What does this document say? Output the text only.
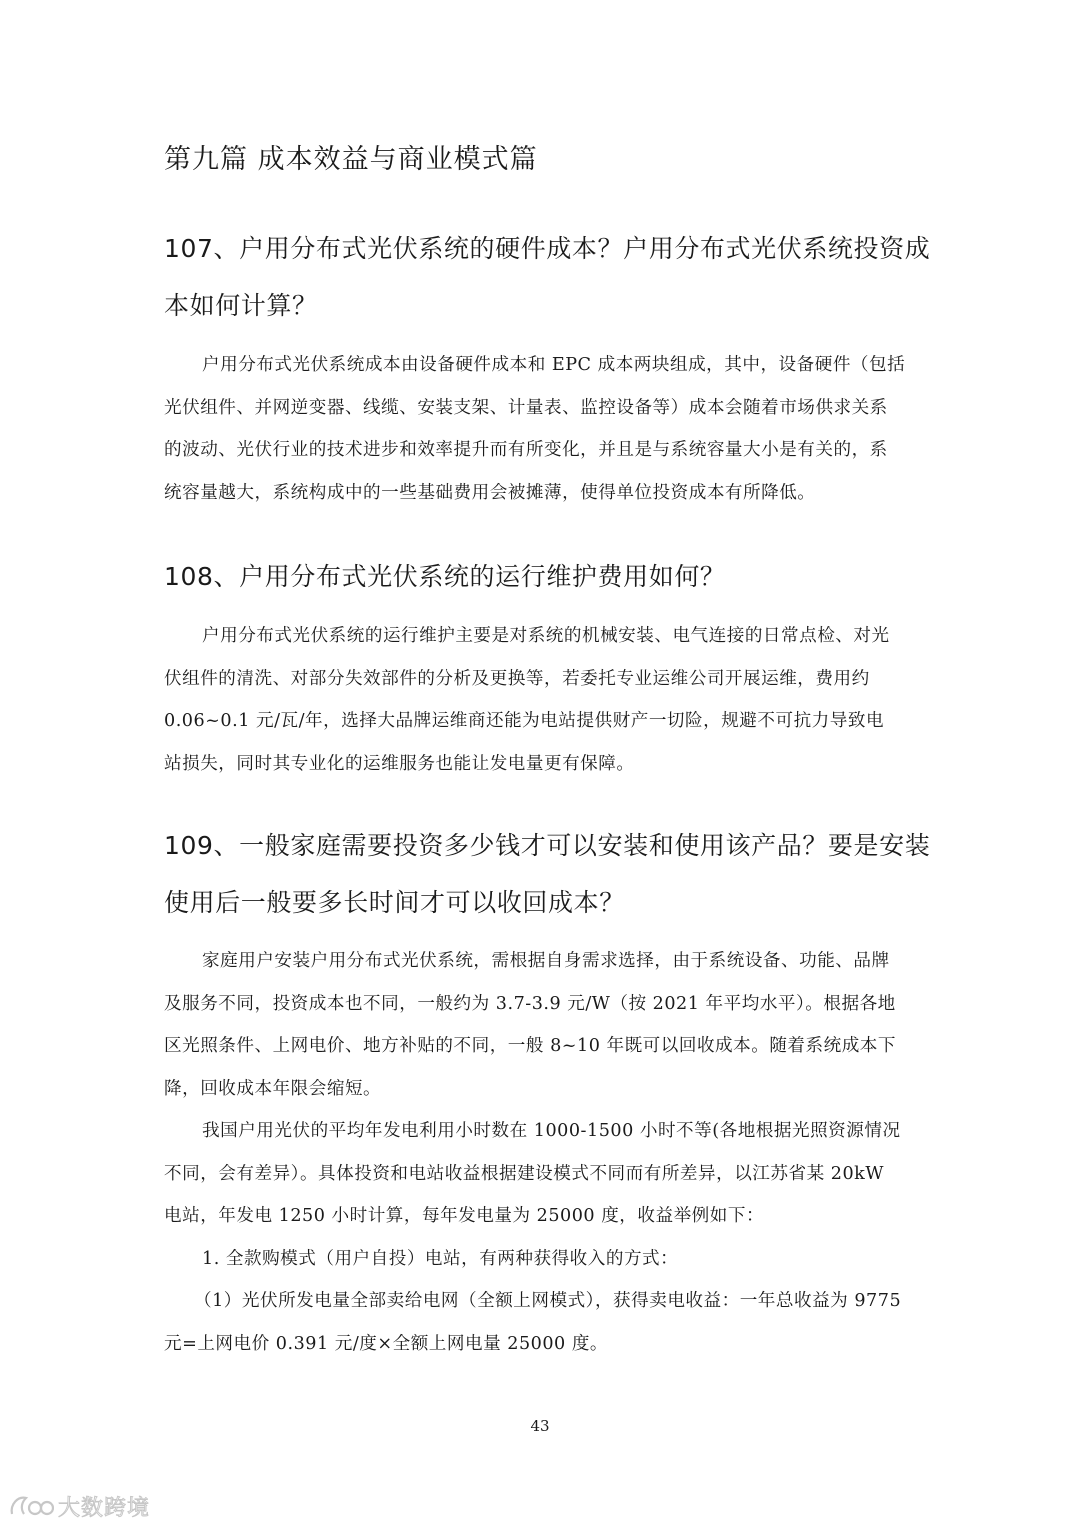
第九篇 成本效益与商业模式篇
107、户用分布式光伏系统的硬件成本？户用分布式光伏系统投资成
本如何计算？
户用分布式光伏系统成本由设备硬件成本和 EPC 成本两块组成，其中，设备硬件（包括
光伏组件、并网逆变器、线缆、安装支架、计量表、监控设备等）成本会随着市场供求关系
的波动、光伏行业的技术进步和效率提升而有所变化，并且是与系统容量大小是有关的，系
统容量越大，系统构成中的一些基础费用会被摊薄，使得单位投资成本有所降低。
108、户用分布式光伏系统的运行维护费用如何？
户用分布式光伏系统的运行维护主要是对系统的机械安装、电气连接的日常点检、对光
伏组件的清洗、对部分失效部件的分析及更换等，若委托专业运维公司开展运维，费用约
0.06~0.1 元/瓦/年，选择大品牌运维商还能为电站提供财产一切险，规避不可抗力导致电
站损失，同时其专业化的运维服务也能让发电量更有保障。
109、一般家庭需要投资多少钱才可以安装和使用该产品？要是安装
使用后一般要多长时间才可以收回成本？
家庭用户安装户用分布式光伏系统，需根据自身需求选择，由于系统设备、功能、品牌
及服务不同，投资成本也不同，一般约为 3.7-3.9 元/W（按 2021 年平均水平）。根据各地
区光照条件、上网电价、地方补贴的不同，一般 8~10 年既可以回收成本。随着系统成本下
降，回收成本年限会缩短。
我国户用光伏的平均年发电利用小时数在 1000-1500 小时不等(各地根据光照资源情况
不同，会有差异）。具体投资和电站收益根据建设模式不同而有所差异，以江苏省某 20kW
电站，年发电 1250 小时计算，每年发电量为 25000 度，收益举例如下：
1. 全款购模式（用户自投）电站，有两种获得收入的方式：
（1）光伏所发电量全部卖给电网（全额上网模式），获得卖电收益：一年总收益为 9775
元=上网电价 0.391 元/度×全额上网电量 25000 度。
43
大数跨境
